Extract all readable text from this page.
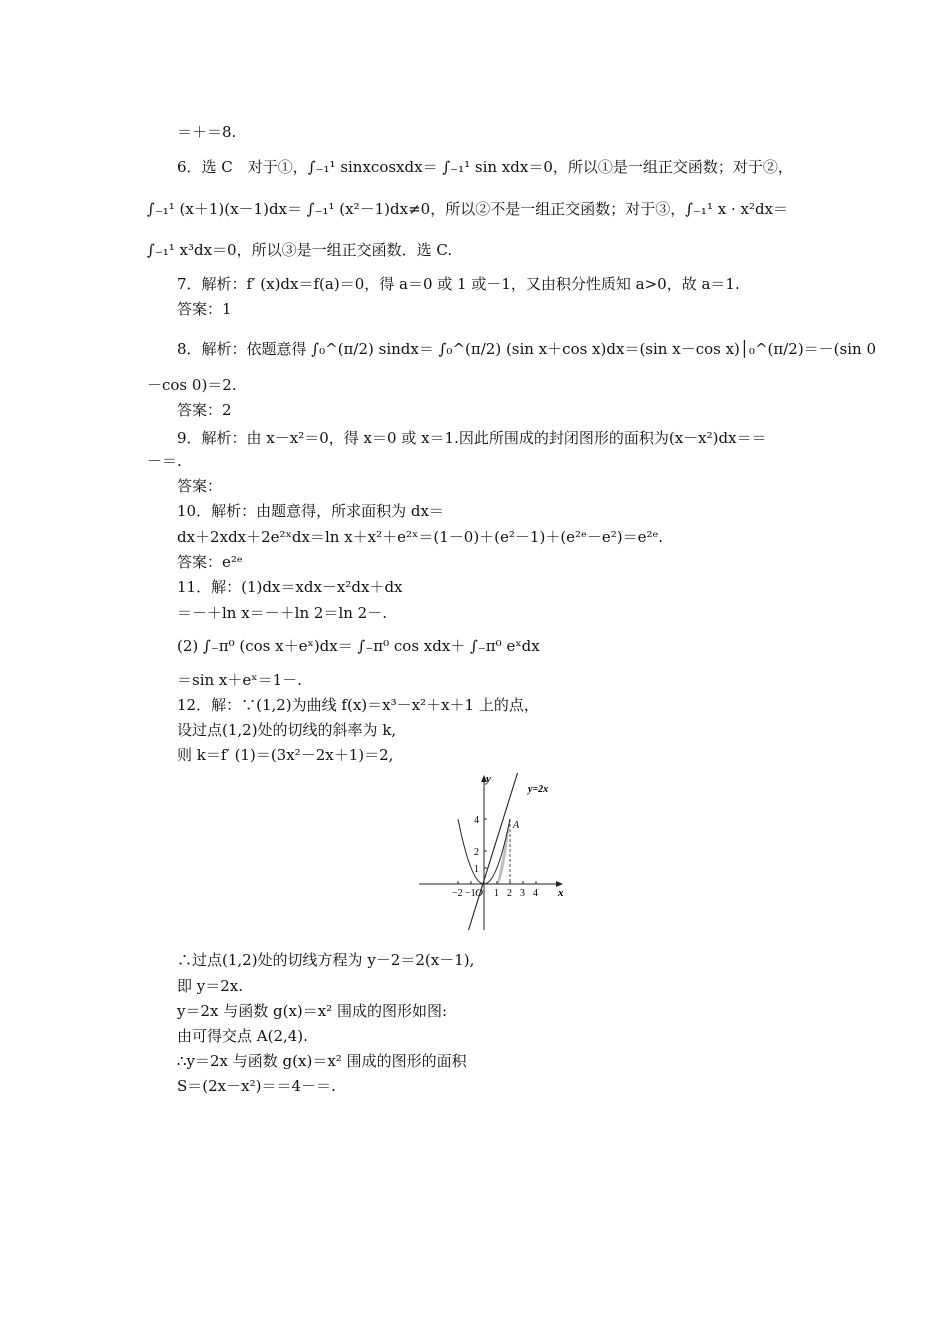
＝＋＝8.
6．选 C　对于①，∫₋₁¹ sinxcosxdx＝ ∫₋₁¹ sin xdx＝0，所以①是一组正交函数；对于②，
∫₋₁¹ (x＋1)(x－1)dx＝ ∫₋₁¹ (x²－1)dx≠0，所以②不是一组正交函数；对于③，∫₋₁¹ x · x²dx＝
∫₋₁¹ x³dx＝0，所以③是一组正交函数．选 C.
7．解析：f′ (x)dx＝f(a)＝0，得 a＝0 或 1 或－1，又由积分性质知 a>0，故 a＝1.
答案：1
8．解析：依题意得 ∫₀^(π/2) sindx＝ ∫₀^(π/2) (sin x＋cos x)dx＝(sin x－cos x)│₀^(π/2)＝－(sin 0
－cos 0)＝2.
答案：2
9．解析：由 x－x²＝0，得 x＝0 或 x＝1.因此所围成的封闭图形的面积为(x－x²)dx＝＝
－＝.
答案：
10．解析：由题意得，所求面积为 dx＝
dx＋2xdx＋2e²ˣdx＝ln x＋x²＋e²ˣ＝(1－0)＋(e²－1)＋(e²ᵉ－e²)＝e²ᵉ.
答案：e²ᵉ
11．解：(1)dx＝xdx－x²dx＋dx
＝－＋ln x＝－＋ln 2＝ln 2－.
(2) ∫₋π⁰ (cos x＋eˣ)dx＝ ∫₋π⁰ cos xdx＋ ∫₋π⁰ eˣdx
＝sin x＋eˣ＝1－.
12．解：∵(1,2)为曲线 f(x)＝x³－x²＋x＋1 上的点，
设过点(1,2)处的切线的斜率为 k,
则 k＝f′ (1)＝(3x²－2x＋1)＝2,
y
x
y=2x
A
O
−2 −1 1 2 3 4
1
2
4
∴过点(1,2)处的切线方程为 y－2＝2(x－1),
即 y＝2x.
y＝2x 与函数 g(x)＝x² 围成的图形如图:
由可得交点 A(2,4).
∴y＝2x 与函数 g(x)＝x² 围成的图形的面积
S＝(2x－x²)＝＝4－＝.
